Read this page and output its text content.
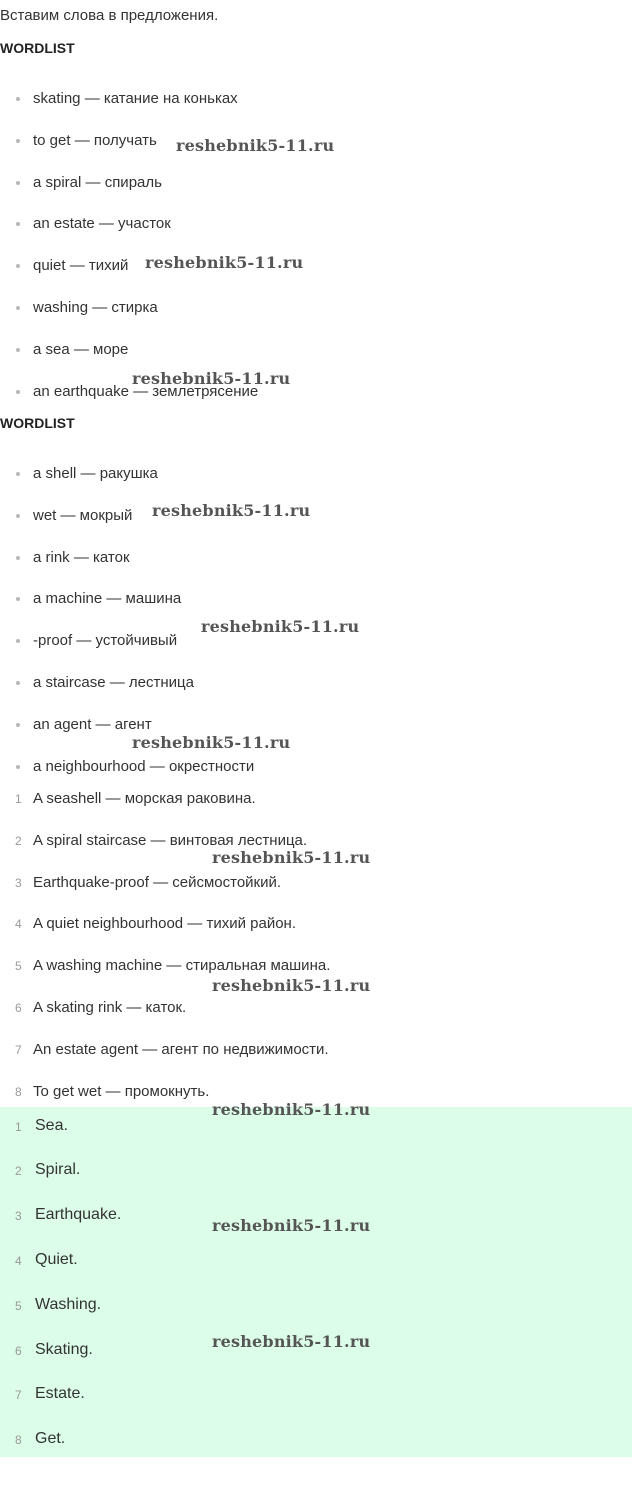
Вставим слова в предложения.
WORDLIST
skating — катание на коньках
to get — получать
a spiral — спираль
an estate — участок
quiet — тихий
washing — стирка
a sea — море
an earthquake — землетрясение
WORDLIST
a shell — ракушка
wet — мокрый
a rink — каток
a machine — машина
-proof — устойчивый
a staircase — лестница
an agent — агент
a neighbourhood — окрестности
1 A seashell — морская раковина.
2 A spiral staircase — винтовая лестница.
3 Earthquake-proof — сейсмостойкий.
4 A quiet neighbourhood — тихий район.
5 A washing machine — стиральная машина.
6 A skating rink — каток.
7 An estate agent — агент по недвижимости.
8 To get wet — промокнуть.
1 Sea.
2 Spiral.
3 Earthquake.
4 Quiet.
5 Washing.
6 Skating.
7 Estate.
8 Get.
reshebnik5-11.ru
reshebnik5-11.ru
reshebnik5-11.ru
reshebnik5-11.ru
reshebnik5-11.ru
reshebnik5-11.ru
reshebnik5-11.ru
reshebnik5-11.ru
reshebnik5-11.ru
reshebnik5-11.ru
reshebnik5-11.ru
